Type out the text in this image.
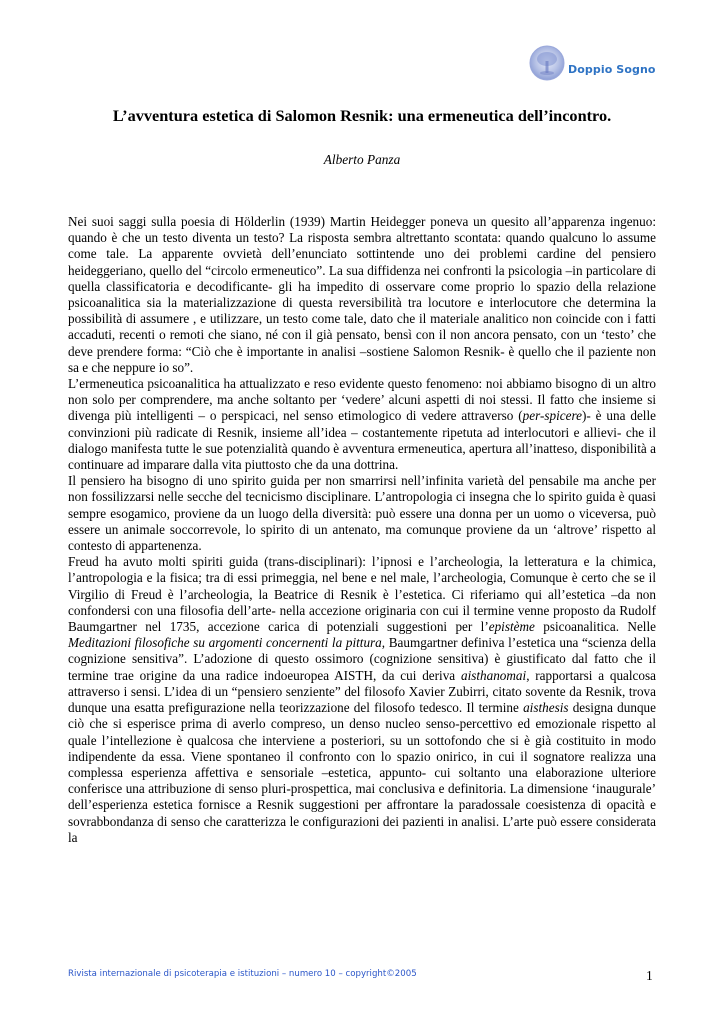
Doppio Sogno
L’avventura estetica di Salomon Resnik: una ermeneutica dell’incontro.
Alberto Panza

Nei suoi saggi sulla poesia di Hölderlin (1939) Martin Heidegger poneva un quesito all’apparenza ingenuo: quando è che un testo diventa un testo? La risposta sembra altrettanto scontata: quando qualcuno lo assume come tale. La apparente ovvietà dell’enunciato sottintende uno dei problemi cardine del pensiero heideggeriano, quello del “circolo ermeneutico”. La sua diffidenza nei confronti la psicologia –in particolare di quella classificatoria e decodificante- gli ha impedito di osservare come proprio lo spazio della relazione psicoanalitica sia la materializzazione di questa reversibilità tra locutore e interlocutore che determina la possibilità di assumere , e utilizzare, un testo come tale, dato che il materiale analitico non coincide con i fatti accaduti, recenti o remoti che siano, né con il già pensato, bensì con il non ancora pensato, con un ‘testo’ che deve prendere forma: “Ciò che è importante in analisi –sostiene Salomon Resnik- è quello che il paziente non sa e che neppure io so”.

L’ermeneutica psicoanalitica ha attualizzato e reso evidente questo fenomeno: noi abbiamo bisogno di un altro non solo per comprendere, ma anche soltanto per ‘vedere’ alcuni aspetti di noi stessi. Il fatto che insieme si divenga più intelligenti – o perspicaci, nel senso etimologico di vedere attraverso (per-spicere)- è una delle convinzioni più radicate di Resnik, insieme all’idea – costantemente ripetuta ad interlocutori e allievi- che il dialogo manifesta tutte le sue potenzialità quando è avventura ermeneutica, apertura all’inatteso, disponibilità a continuare ad imparare dalla vita piuttosto che da una dottrina.

Il pensiero ha bisogno di uno spirito guida per non smarrirsi nell’infinita varietà del pensabile ma anche per non fossilizzarsi nelle secche del tecnicismo disciplinare. L’antropologia ci insegna che lo spirito guida è quasi sempre esogamico, proviene da un luogo della diversità: può essere una donna per un uomo o viceversa, può essere un animale soccorrevole, lo spirito di un antenato, ma comunque proviene da un ‘altrove’ rispetto al contesto di appartenenza.

Freud ha avuto molti spiriti guida (trans-disciplinari): l’ipnosi e l’archeologia, la letteratura e la chimica, l’antropologia e la fisica; tra di essi primeggia, nel bene e nel male, l’archeologia, Comunque è certo che se il Virgilio di Freud è l’archeologia, la Beatrice di Resnik è l’estetica. Ci riferiamo qui all’estetica –da non confondersi con una filosofia dell’arte- nella accezione originaria con cui il termine venne proposto da Rudolf Baumgartner nel 1735, accezione carica di potenziali suggestioni per l’epistème psicoanalitica. Nelle Meditazioni filosofiche su argomenti concernenti la pittura, Baumgartner definiva l’estetica una “scienza della cognizione sensitiva”. L’adozione di questo ossimoro (cognizione sensitiva) è giustificato dal fatto che il termine trae origine da una radice indoeuropea AISTH, da cui deriva aisthanomai, rapportarsi a qualcosa attraverso i sensi. L’idea di un “pensiero senziente” del filosofo Xavier Zubirri, citato sovente da Resnik, trova dunque una esatta prefigurazione nella teorizzazione del filosofo tedesco. Il termine aisthesis designa dunque ciò che si esperisce prima di averlo compreso, un denso nucleo senso-percettivo ed emozionale rispetto al quale l’intellezione è qualcosa che interviene a posteriori, su un sottofondo che si è già costituito in modo indipendente da essa. Viene spontaneo il confronto con lo spazio onirico, in cui il sognatore realizza una complessa esperienza affettiva e sensoriale –estetica, appunto- cui soltanto una elaborazione ulteriore conferisce una attribuzione di senso pluri-prospettica, mai conclusiva e definitoria. La dimensione ‘inaugurale’ dell’esperienza estetica fornisce a Resnik suggestioni per affrontare la paradossale coesistenza di opacità e sovrabbondanza di senso che caratterizza le configurazioni dei pazienti in analisi. L’arte può essere considerata la

Rivista internazionale di psicoterapia e istituzioni – numero 10 – copyright©2005	1
